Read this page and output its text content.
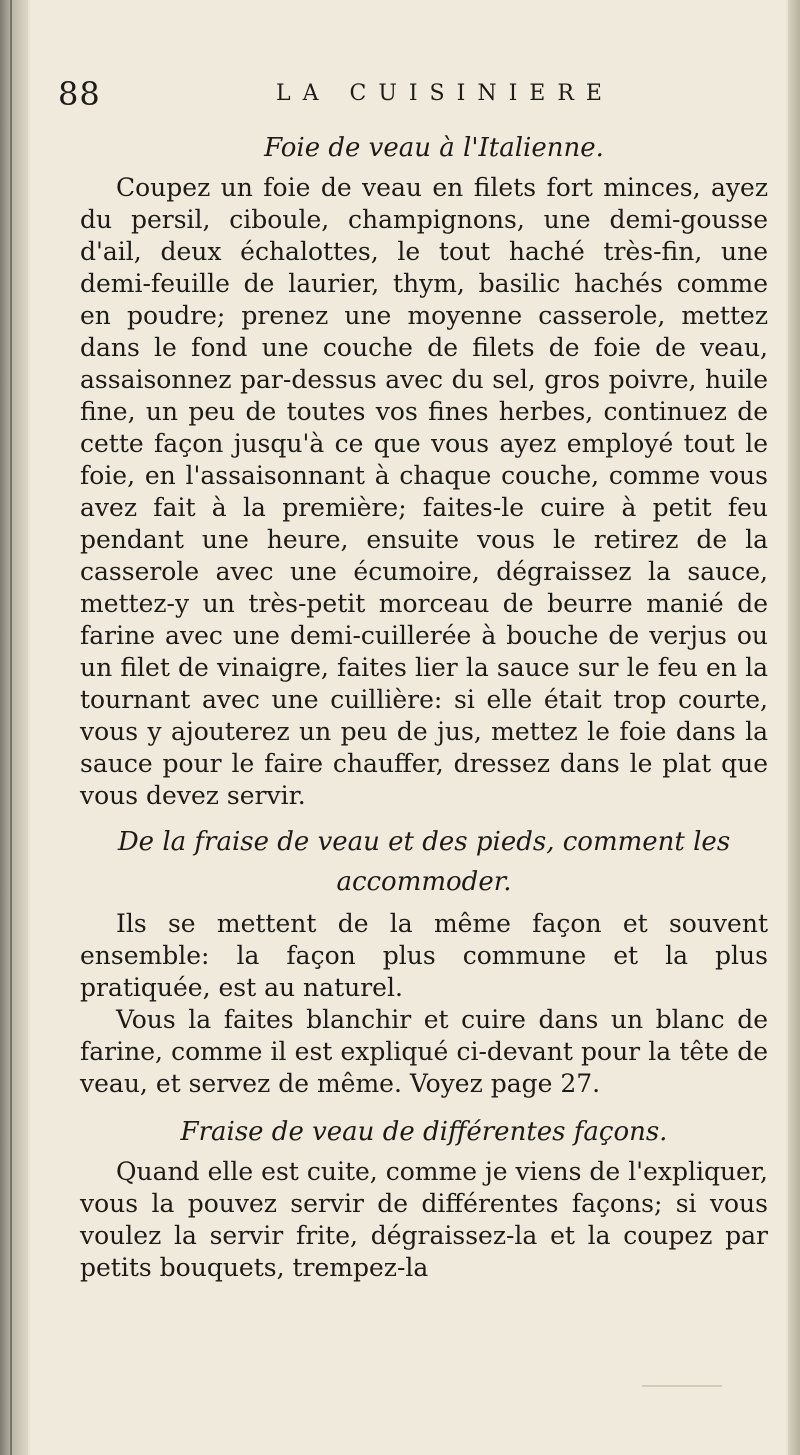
88	LA CUISINIERE
Foie de veau à l'Italienne.

Coupez un foie de veau en filets fort minces, ayez du persil, ciboule, champignons, une demi-gousse d'ail, deux échalottes, le tout haché très-fin, une demi-feuille de laurier, thym, basilic hachés comme en poudre; prenez une moyenne casserole, mettez dans le fond une couche de filets de foie de veau, assaisonnez par-dessus avec du sel, gros poivre, huile fine, un peu de toutes vos fines herbes, continuez de cette façon jusqu'à ce que vous ayez employé tout le foie, en l'assaisonnant à chaque couche, comme vous avez fait à la première; faites-le cuire à petit feu pendant une heure, ensuite vous le retirez de la casserole avec une écumoire, dégraissez la sauce, mettez-y un très-petit morceau de beurre manié de farine avec une demi-cuillerée à bouche de verjus ou un filet de vinaigre, faites lier la sauce sur le feu en la tournant avec une cuillière: si elle était trop courte, vous y ajouterez un peu de jus, mettez le foie dans la sauce pour le faire chauffer, dressez dans le plat que vous devez servir.

De la fraise de veau et des pieds, comment les accommoder.

Ils se mettent de la même façon et souvent ensemble: la façon plus commune et la plus pratiquée, est au naturel.

Vous la faites blanchir et cuire dans un blanc de farine, comme il est expliqué ci-devant pour la tête de veau, et servez de même. Voyez page 27.

Fraise de veau de différentes façons.

Quand elle est cuite, comme je viens de l'expliquer, vous la pouvez servir de différentes façons; si vous voulez la servir frite, dégraissez-la et la coupez par petits bouquets, trempez-la
